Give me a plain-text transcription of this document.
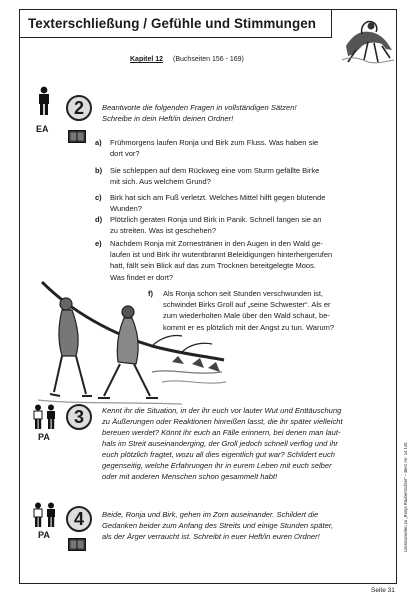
Texterschließung / Gefühle und Stimmungen
Kapitel 12 (Buchseiten 156 - 169)
EA
2	Beantworte die folgenden Fragen in vollständigen Sätzen!
Schreibe in dein Heft/in deinen Ordner!
a) Frühmorgens laufen Ronja und Birk zum Fluss. Was haben sie
dort vor?
b) Sie schleppen auf dem Rückweg eine vom Sturm gefällte Birke
mit sich. Aus welchem Grund?
c) Birk hat sich am Fuß verletzt. Welches Mittel hilft gegen blutende
Wunden?
d) Plötzlich geraten Ronja und Birk in Panik. Schnell fangen sie an
zu streiten. Was ist geschehen?
e) Nachdem Ronja mit Zornestränen in den Augen in den Wald ge-
laufen ist und Birk ihr wutentbrannt Beleidigungen hinterhergerufen
hatt, fällt sein Blick auf das zum Trocknen bereitgelegte Moos.
Was findet er dort?
f) Als Ronja schon seit Stunden verschwunden ist,
schwindet Birks Groll auf „seine Schwester“. Als er
zum wiederholten Male über den Wald schaut, be-
kommt er es plötzlich mit der Angst zu tun. Warum?
PA
3	Kennt ihr die Situation, in der ihr euch vor lauter Wut und Enttäuschung
zu Äußerungen oder Reaktionen hinreißen lasst, die ihr später vielleicht
bereuen werdet? Könnt ihr euch an Fälle erinnern, bei denen man laut-
hals im Streit auseinanderging, der Groll jedoch schnell verflog und ihr
euch plötzlich fragtet, wozu all dies eigentlich gut war? Schildert euch
gegenseitig, welche Erfahrungen ihr in eurem Leben mit euch selber
oder mit anderen Menschen schon gesammelt habt!
PA
4	Beide, Ronja und Birk, gehen im Zorn auseinander. Schildert die
Gedanken beider zum Anfang des Streits und einige Stunden später,
als der Ärger verraucht ist. Schreibt in euer Heft/in euren Ordner!	Literaturseiten zu „Ronja Räubertochter“ – Best.-Nr. 14 145
Seite 31
